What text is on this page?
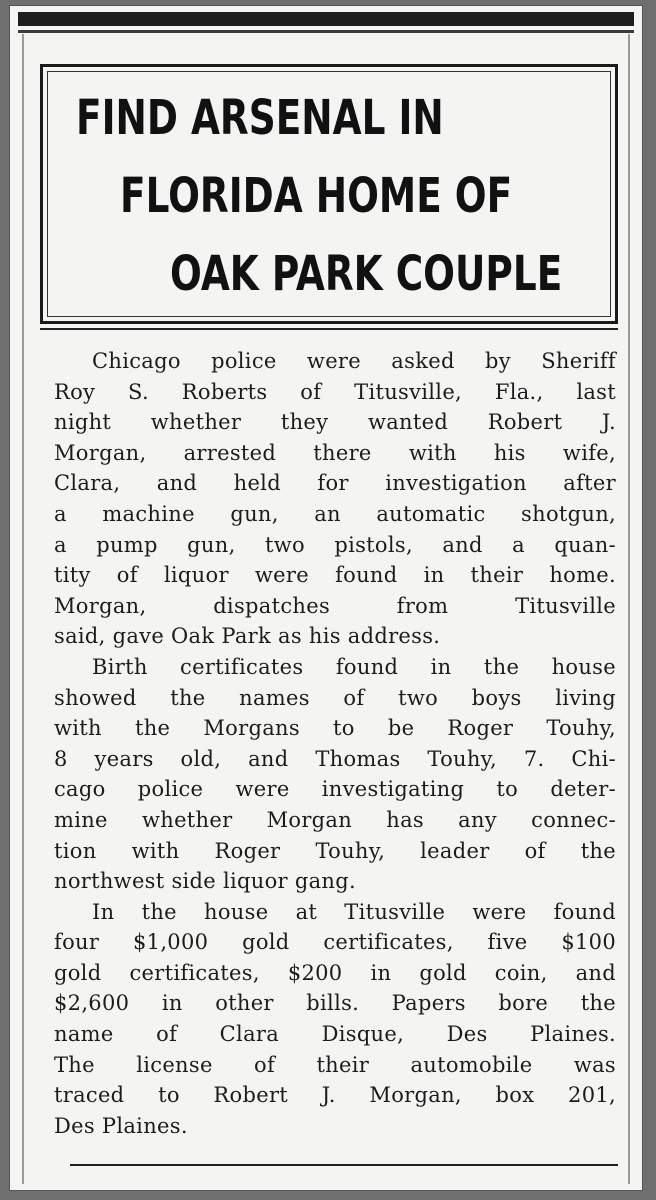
FIND ARSENAL IN
FLORIDA HOME OF
OAK PARK COUPLE
Chicago police were asked by Sheriff
Roy S. Roberts of Titusville, Fla., last
night whether they wanted Robert J.
Morgan, arrested there with his wife,
Clara, and held for investigation after
a machine gun, an automatic shotgun,
a pump gun, two pistols, and a quan-
tity of liquor were found in their home.
Morgan, dispatches from Titusville
said, gave Oak Park as his address.
Birth certificates found in the house
showed the names of two boys living
with the Morgans to be Roger Touhy,
8 years old, and Thomas Touhy, 7. Chi-
cago police were investigating to deter-
mine whether Morgan has any connec-
tion with Roger Touhy, leader of the
northwest side liquor gang.
In the house at Titusville were found
four $1,000 gold certificates, five $100
gold certificates, $200 in gold coin, and
$2,600 in other bills. Papers bore the
name of Clara Disque, Des Plaines.
The license of their automobile was
traced to Robert J. Morgan, box 201,
Des Plaines.
